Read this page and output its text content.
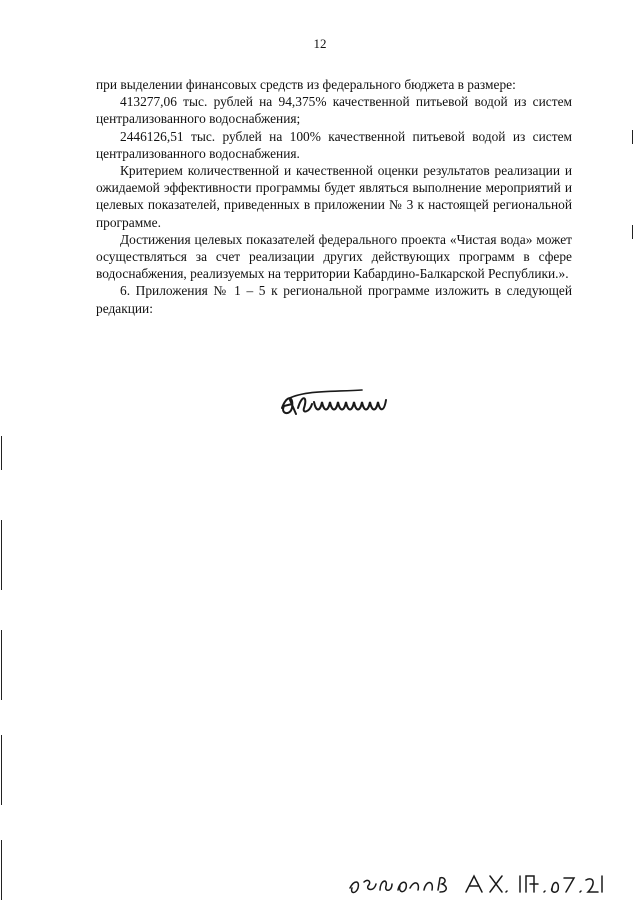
12

при выделении финансовых средств из федерального бюджета в размере:

413277,06 тыс. рублей на 94,375% качественной питьевой водой из систем централизованного водоснабжения;

2446126,51 тыс. рублей на 100% качественной питьевой водой из систем централизованного водоснабжения.

Критерием количественной и качественной оценки результатов реализации и ожидаемой эффективности программы будет являться выполнение мероприятий и целевых показателей, приведенных в приложении № 3 к настоящей региональной программе.

Достижения целевых показателей федерального проекта «Чистая вода» может осуществляться за счет реализации других действующих программ в сфере водоснабжения, реализуемых на территории Кабардино-Балкарской Республики.».

6. Приложения № 1 – 5 к региональной программе изложить в следующей редакции:
